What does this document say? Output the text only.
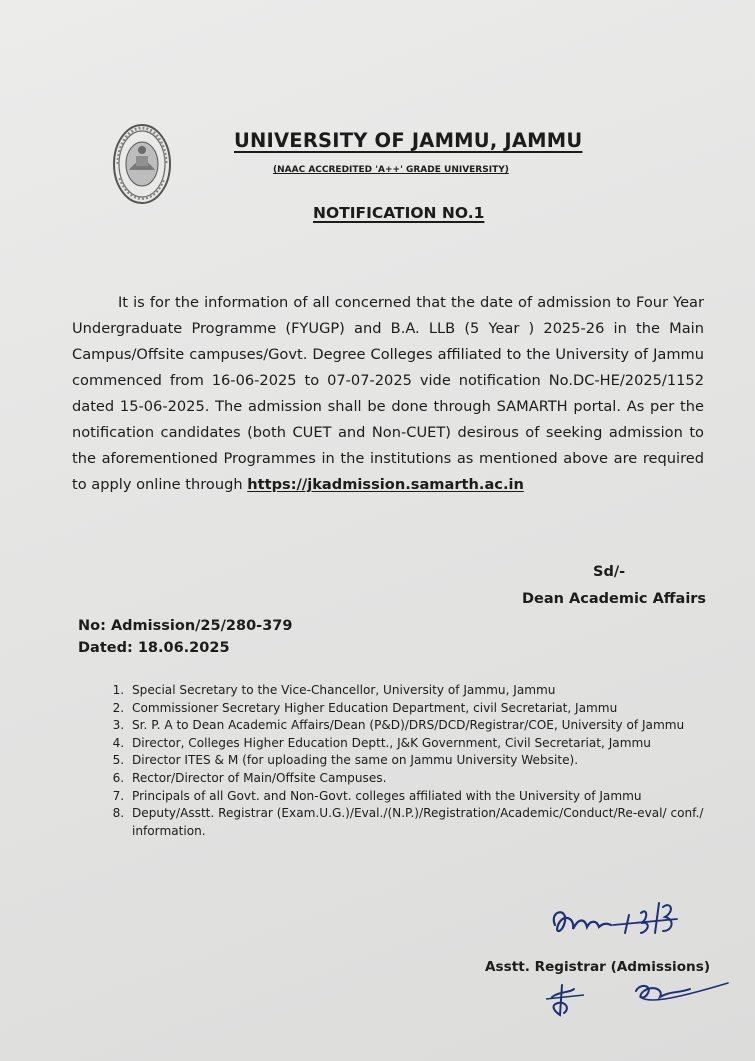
UNIVERSITY OF JAMMU, JAMMU
(NAAC ACCREDITED 'A++' GRADE UNIVERSITY)
NOTIFICATION NO.1

It is for the information of all concerned that the date of admission to Four Year Undergraduate Programme (FYUGP) and B.A. LLB (5 Year ) 2025-26 in the Main Campus/Offsite campuses/Govt. Degree Colleges affiliated to the University of Jammu commenced from 16-06-2025 to 07-07-2025 vide notification No.DC-HE/2025/1152 dated 15-06-2025. The admission shall be done through SAMARTH portal. As per the notification candidates (both CUET and Non-CUET) desirous of seeking admission to the aforementioned Programmes in the institutions as mentioned above are required to apply online through https://jkadmission.samarth.ac.in

Sd/-
Dean Academic Affairs
No: Admission/25/280-379
Dated: 18.06.2025
1. Special Secretary to the Vice-Chancellor, University of Jammu, Jammu
2. Commissioner Secretary Higher Education Department, civil Secretariat, Jammu
3. Sr. P. A to Dean Academic Affairs/Dean (P&D)/DRS/DCD/Registrar/COE, University of Jammu
4. Director, Colleges Higher Education Deptt., J&K Government, Civil Secretariat, Jammu
5. Director ITES & M (for uploading the same on Jammu University Website).
6. Rector/Director of Main/Offsite Campuses.
7. Principals of all Govt. and Non-Govt. colleges affiliated with the University of Jammu
8. Deputy/Asstt. Registrar (Exam.U.G.)/Eval./(N.P.)/Registration/Academic/Conduct/Re-eval/ conf./ information.
Asstt. Registrar (Admissions)
